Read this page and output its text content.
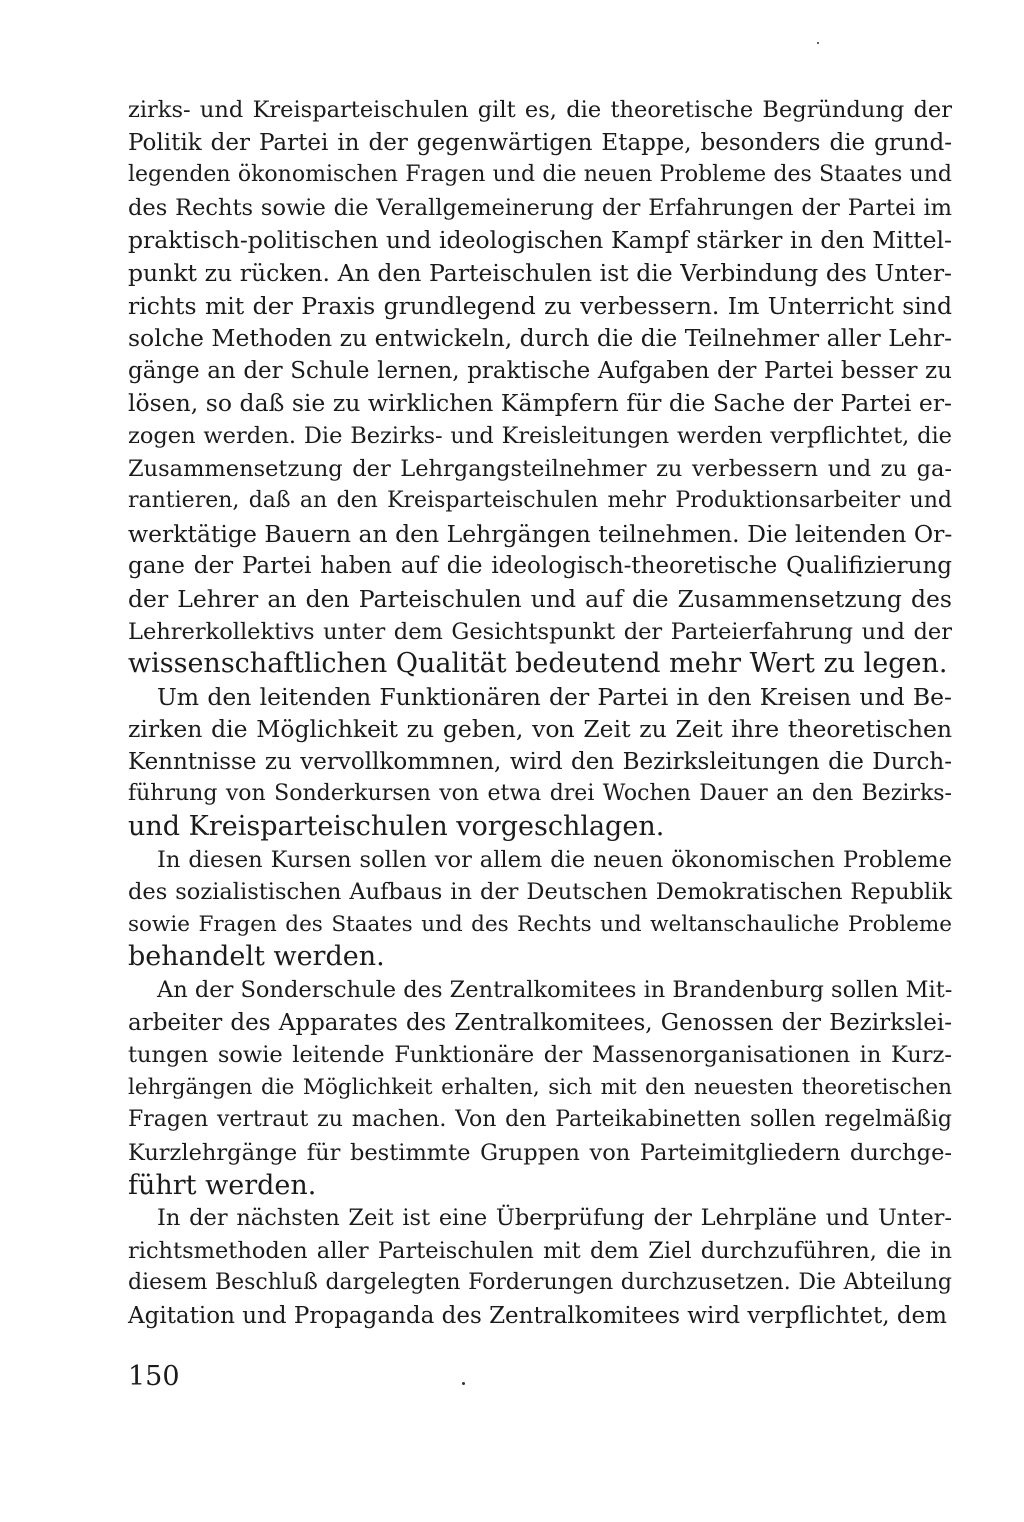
zirks- und Kreisparteischulen gilt es, die theoretische Begründung der
Politik der Partei in der gegenwärtigen Etappe, besonders die grund-
legenden ökonomischen Fragen und die neuen Probleme des Staates und
des Rechts sowie die Verallgemeinerung der Erfahrungen der Partei im
praktisch-politischen und ideologischen Kampf stärker in den Mittel-
punkt zu rücken. An den Parteischulen ist die Verbindung des Unter-
richts mit der Praxis grundlegend zu verbessern. Im Unterricht sind
solche Methoden zu entwickeln, durch die die Teilnehmer aller Lehr-
gänge an der Schule lernen, praktische Aufgaben der Partei besser zu
lösen, so daß sie zu wirklichen Kämpfern für die Sache der Partei er-
zogen werden. Die Bezirks- und Kreisleitungen werden verpflichtet, die
Zusammensetzung der Lehrgangsteilnehmer zu verbessern und zu ga-
rantieren, daß an den Kreisparteischulen mehr Produktionsarbeiter und
werktätige Bauern an den Lehrgängen teilnehmen. Die leitenden Or-
gane der Partei haben auf die ideologisch-theoretische Qualifizierung
der Lehrer an den Parteischulen und auf die Zusammensetzung des
Lehrerkollektivs unter dem Gesichtspunkt der Parteierfahrung und der
wissenschaftlichen Qualität bedeutend mehr Wert zu legen.
Um den leitenden Funktionären der Partei in den Kreisen und Be-
zirken die Möglichkeit zu geben, von Zeit zu Zeit ihre theoretischen
Kenntnisse zu vervollkommnen, wird den Bezirksleitungen die Durch-
führung von Sonderkursen von etwa drei Wochen Dauer an den Bezirks-
und Kreisparteischulen vorgeschlagen.
In diesen Kursen sollen vor allem die neuen ökonomischen Probleme
des sozialistischen Aufbaus in der Deutschen Demokratischen Republik
sowie Fragen des Staates und des Rechts und weltanschauliche Probleme
behandelt werden.
An der Sonderschule des Zentralkomitees in Brandenburg sollen Mit-
arbeiter des Apparates des Zentralkomitees, Genossen der Bezirkslei-
tungen sowie leitende Funktionäre der Massenorganisationen in Kurz-
lehrgängen die Möglichkeit erhalten, sich mit den neuesten theoretischen
Fragen vertraut zu machen. Von den Parteikabinetten sollen regelmäßig
Kurzlehrgänge für bestimmte Gruppen von Parteimitgliedern durchge-
führt werden.
In der nächsten Zeit ist eine Überprüfung der Lehrpläne und Unter-
richtsmethoden aller Parteischulen mit dem Ziel durchzuführen, die in
diesem Beschluß dargelegten Forderungen durchzusetzen. Die Abteilung
Agitation und Propaganda des Zentralkomitees wird verpflichtet, dem
150
